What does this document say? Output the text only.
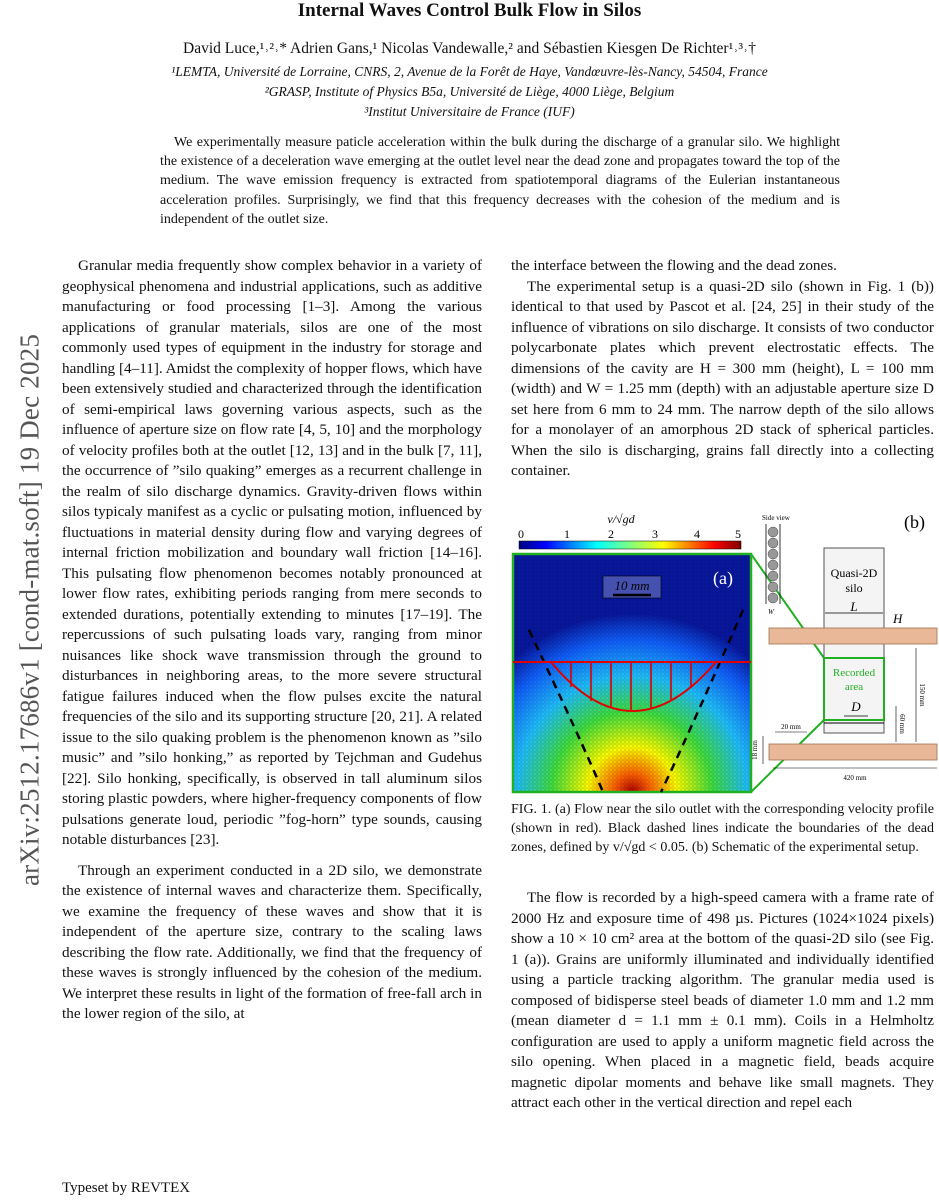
arXiv:2512.17686v1 [cond-mat.soft] 19 Dec 2025
Internal Waves Control Bulk Flow in Silos
David Luce,¹˒²˒* Adrien Gans,¹ Nicolas Vandewalle,² and Sébastien Kiesgen De Richter¹˒³˒†
¹LEMTA, Université de Lorraine, CNRS, 2, Avenue de la Forêt de Haye, Vandœuvre-lès-Nancy, 54504, France
²GRASP, Institute of Physics B5a, Université de Liège, 4000 Liège, Belgium
³Institut Universitaire de France (IUF)
We experimentally measure paticle acceleration within the bulk during the discharge of a granular silo. We highlight the existence of a deceleration wave emerging at the outlet level near the dead zone and propagates toward the top of the medium. The wave emission frequency is extracted from spatiotemporal diagrams of the Eulerian instantaneous acceleration profiles. Surprisingly, we find that this frequency decreases with the cohesion of the medium and is independent of the outlet size.

Granular media frequently show complex behavior in a variety of geophysical phenomena and industrial applications, such as additive manufacturing or food processing [1–3]. Among the various applications of granular materials, silos are one of the most commonly used types of equipment in the industry for storage and handling [4–11]. Amidst the complexity of hopper flows, which have been extensively studied and characterized through the identification of semi-empirical laws governing various aspects, such as the influence of aperture size on flow rate [4, 5, 10] and the morphology of velocity profiles both at the outlet [12, 13] and in the bulk [7, 11], the occurrence of ”silo quaking” emerges as a recurrent challenge in the realm of silo discharge dynamics. Gravity-driven flows within silos typicaly manifest as a cyclic or pulsating motion, influenced by fluctuations in material density during flow and varying degrees of internal friction mobilization and boundary wall friction [14–16]. This pulsating flow phenomenon becomes notably pronounced at lower flow rates, exhibiting periods ranging from mere seconds to extended durations, potentially extending to minutes [17–19]. The repercussions of such pulsating loads vary, ranging from minor nuisances like shock wave transmission through the ground to disturbances in neighboring areas, to the more severe structural fatigue failures induced when the flow pulses excite the natural frequencies of the silo and its supporting structure [20, 21]. A related issue to the silo quaking problem is the phenomenon known as ”silo music” and ”silo honking,” as reported by Tejchman and Gudehus [22]. Silo honking, specifically, is observed in tall aluminum silos storing plastic powders, where higher-frequency components of flow pulsations generate loud, periodic ”fog-horn” type sounds, causing notable disturbances [23].

Through an experiment conducted in a 2D silo, we demonstrate the existence of internal waves and characterize them. Specifically, we examine the frequency of these waves and show that it is independent of the aperture size, contrary to the scaling laws describing the flow rate. Additionally, we find that the frequency of these waves is strongly influenced by the cohesion of the medium. We interpret these results in light of the formation of free-fall arch in the lower region of the silo, at

the interface between the flowing and the dead zones.

The experimental setup is a quasi-2D silo (shown in Fig. 1 (b)) identical to that used by Pascot et al. [24, 25] in their study of the influence of vibrations on silo discharge. It consists of two conductor polycarbonate plates which prevent electrostatic effects. The dimensions of the cavity are H = 300 mm (height), L = 100 mm (width) and W = 1.25 mm (depth) with an adjustable aperture size D set here from 6 mm to 24 mm. The narrow depth of the silo allows for a monolayer of an amorphous 2D stack of spherical particles. When the silo is discharging, grains fall directly into a collecting container.

v/√gd
0	1	2	3	4	5
10 mm	(a)
(b)
Side view
W
Quasi-2D
silo
L
H
Recorded
area
D	150 mm
60 mm
20 mm
18 mm
420 mm
FIG. 1. (a) Flow near the silo outlet with the corresponding velocity profile (shown in red). Black dashed lines indicate the boundaries of the dead zones, defined by v/√gd < 0.05. (b) Schematic of the experimental setup.

The flow is recorded by a high-speed camera with a frame rate of 2000 Hz and exposure time of 498 µs. Pictures (1024×1024 pixels) show a 10 × 10 cm² area at the bottom of the quasi-2D silo (see Fig. 1 (a)). Grains are uniformly illuminated and individually identified using a particle tracking algorithm. The granular media used is composed of bidisperse steel beads of diameter 1.0 mm and 1.2 mm (mean diameter d = 1.1 mm ± 0.1 mm). Coils in a Helmholtz configuration are used to apply a uniform magnetic field across the silo opening. When placed in a magnetic field, beads acquire magnetic dipolar moments and behave like small magnets. They attract each other in the vertical direction and repel each

Typeset by REVTEX
